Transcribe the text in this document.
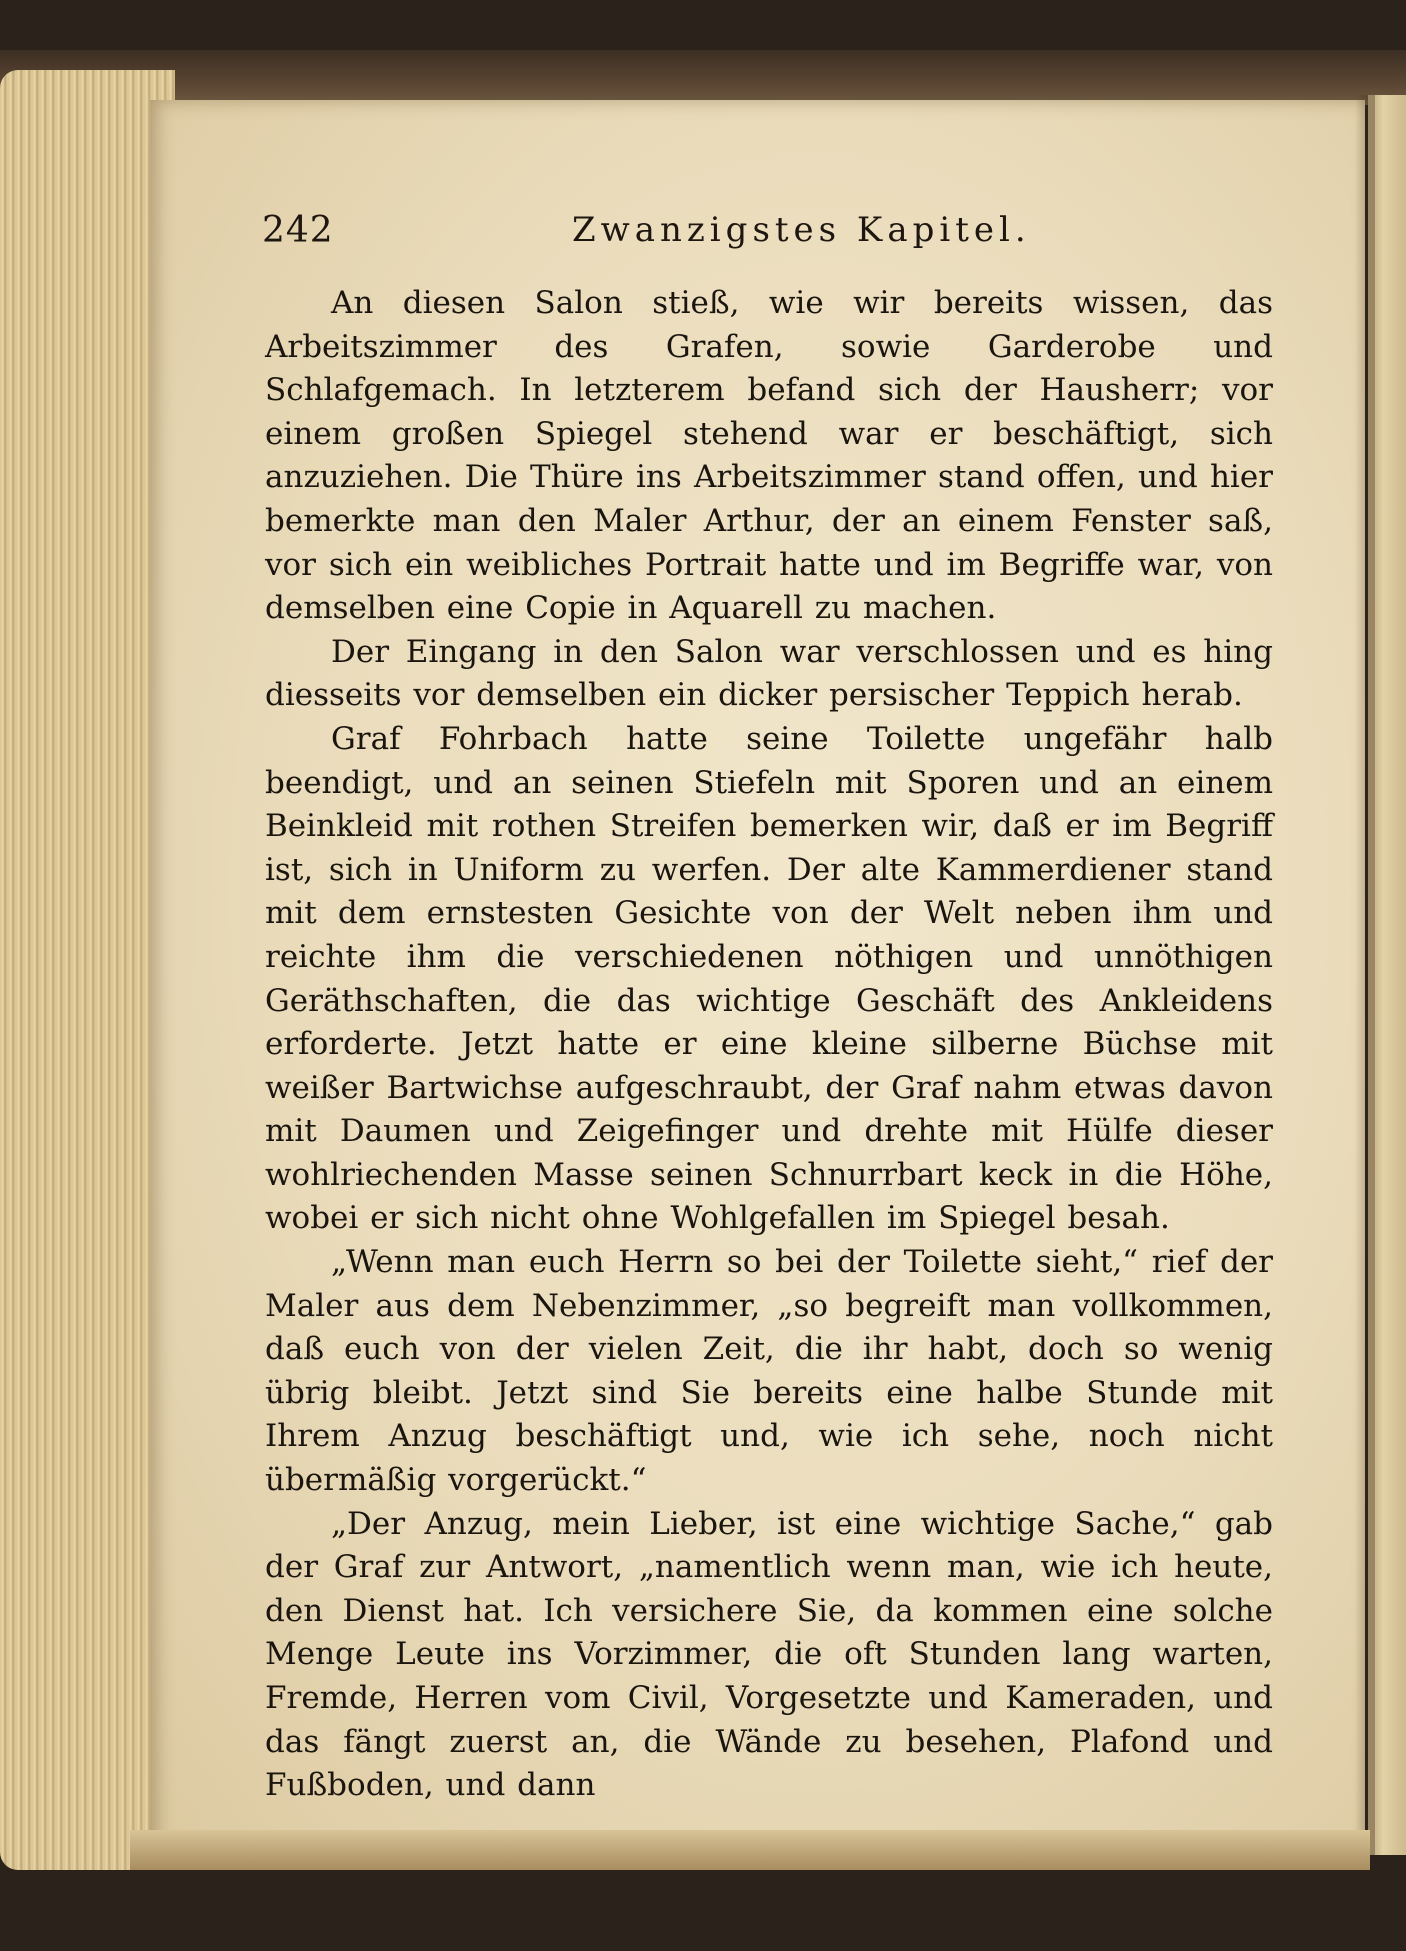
242	Zwanzigstes Kapitel.

An diesen Salon stieß, wie wir bereits wissen, das Arbeitszimmer des Grafen, sowie Garderobe und Schlafgemach. In letzterem befand sich der Hausherr; vor einem großen Spiegel stehend war er beschäftigt, sich anzuziehen. Die Thüre ins Arbeitszimmer stand offen, und hier bemerkte man den Maler Arthur, der an einem Fenster saß, vor sich ein weibliches Portrait hatte und im Begriffe war, von demselben eine Copie in Aquarell zu machen.

Der Eingang in den Salon war verschlossen und es hing diesseits vor demselben ein dicker persischer Teppich herab.

Graf Fohrbach hatte seine Toilette ungefähr halb beendigt, und an seinen Stiefeln mit Sporen und an einem Beinkleid mit rothen Streifen bemerken wir, daß er im Begriff ist, sich in Uniform zu werfen. Der alte Kammerdiener stand mit dem ernstesten Gesichte von der Welt neben ihm und reichte ihm die verschiedenen nöthigen und unnöthigen Geräthschaften, die das wichtige Geschäft des Ankleidens erforderte. Jetzt hatte er eine kleine silberne Büchse mit weißer Bartwichse aufgeschraubt, der Graf nahm etwas davon mit Daumen und Zeigefinger und drehte mit Hülfe dieser wohlriechenden Masse seinen Schnurrbart keck in die Höhe, wobei er sich nicht ohne Wohlgefallen im Spiegel besah.

„Wenn man euch Herrn so bei der Toilette sieht,“ rief der Maler aus dem Nebenzimmer, „so begreift man vollkommen, daß euch von der vielen Zeit, die ihr habt, doch so wenig übrig bleibt. Jetzt sind Sie bereits eine halbe Stunde mit Ihrem Anzug beschäftigt und, wie ich sehe, noch nicht übermäßig vorgerückt.“

„Der Anzug, mein Lieber, ist eine wichtige Sache,“ gab der Graf zur Antwort, „namentlich wenn man, wie ich heute, den Dienst hat. Ich versichere Sie, da kommen eine solche Menge Leute ins Vorzimmer, die oft Stunden lang warten, Fremde, Herren vom Civil, Vorgesetzte und Kameraden, und das fängt zuerst an, die Wände zu besehen, Plafond und Fußboden, und dann
